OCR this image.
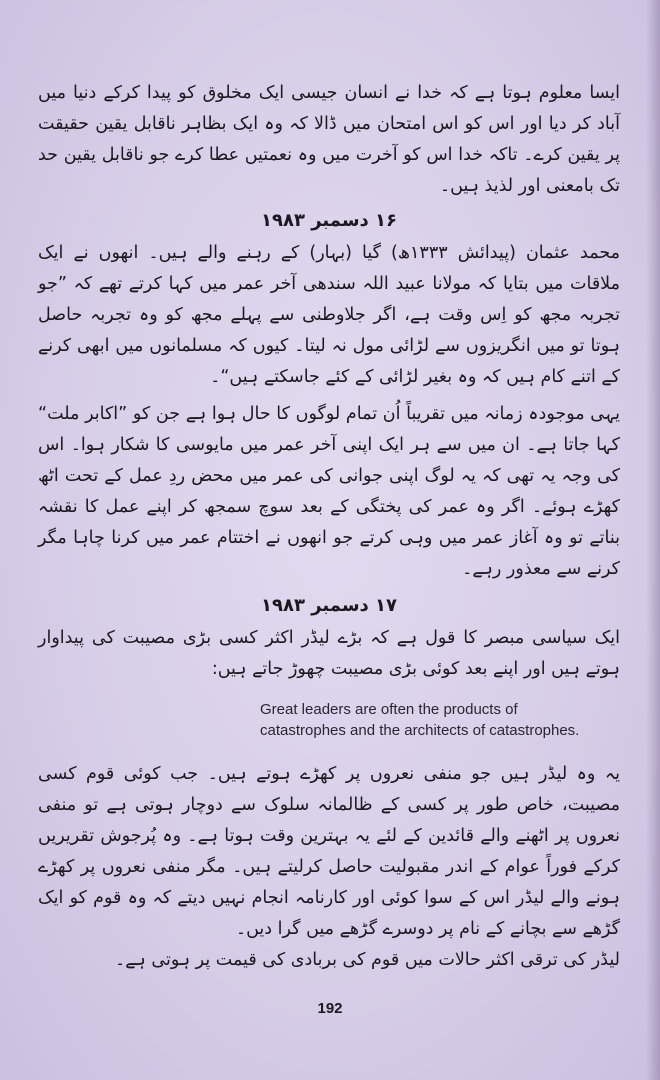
ایسا معلوم ہوتا ہے کہ خدا نے انسان جیسی ایک مخلوق کو پیدا کرکے دنیا میں آباد کر دیا اور اس کو اس امتحان میں ڈالا کہ وہ ایک بظاہر ناقابل یقین حقیقت پر یقین کرے۔ تاکہ خدا اس کو آخرت میں وہ نعمتیں عطا کرے جو ناقابل یقین حد تک بامعنی اور لذیذ ہیں۔

۱۶ دسمبر ۱۹۸۳

محمد عثمان (پیدائش ۱۳۳۳ھ) گیا (بہار) کے رہنے والے ہیں۔ انھوں نے ایک ملاقات میں بتایا کہ مولانا عبید اللہ سندھی آخر عمر میں کہا کرتے تھے کہ ”جو تجربہ مجھ کو اِس وقت ہے، اگر جلاوطنی سے پہلے مجھ کو وہ تجربہ حاصل ہوتا تو میں انگریزوں سے لڑائی مول نہ لیتا۔ کیوں کہ مسلمانوں میں ابھی کرنے کے اتنے کام ہیں کہ وہ بغیر لڑائی کے کئے جاسکتے ہیں“۔

یہی موجودہ زمانہ میں تقریباً اُن تمام لوگوں کا حال ہوا ہے جن کو ”اکابر ملت“ کہا جاتا ہے۔ ان میں سے ہر ایک اپنی آخر عمر میں مایوسی کا شکار ہوا۔ اس کی وجہ یہ تھی کہ یہ لوگ اپنی جوانی کی عمر میں محض ردِ عمل کے تحت اٹھ کھڑے ہوئے۔ اگر وہ عمر کی پختگی کے بعد سوچ سمجھ کر اپنے عمل کا نقشہ بناتے تو وہ آغاز عمر میں وہی کرتے جو انھوں نے اختتام عمر میں کرنا چاہا مگر کرنے سے معذور رہے۔

۱۷ دسمبر ۱۹۸۳

ایک سیاسی مبصر کا قول ہے کہ بڑے لیڈر اکثر کسی بڑی مصیبت کی پیداوار ہوتے ہیں اور اپنے بعد کوئی بڑی مصیبت چھوڑ جاتے ہیں:

Great leaders are often the products of
catastrophes and the architects of catastrophes.

یہ وہ لیڈر ہیں جو منفی نعروں پر کھڑے ہوتے ہیں۔ جب کوئی قوم کسی مصیبت، خاص طور پر کسی کے ظالمانہ سلوک سے دوچار ہوتی ہے تو منفی نعروں پر اٹھنے والے قائدین کے لئے یہ بہترین وقت ہوتا ہے۔ وہ پُرجوش تقریریں کرکے فوراً عوام کے اندر مقبولیت حاصل کرلیتے ہیں۔ مگر منفی نعروں پر کھڑے ہونے والے لیڈر اس کے سوا کوئی اور کارنامہ انجام نہیں دیتے کہ وہ قوم کو ایک گڑھے سے بچانے کے نام پر دوسرے گڑھے میں گرا دیں۔

لیڈر کی ترقی اکثر حالات میں قوم کی بربادی کی قیمت پر ہوتی ہے۔

192
